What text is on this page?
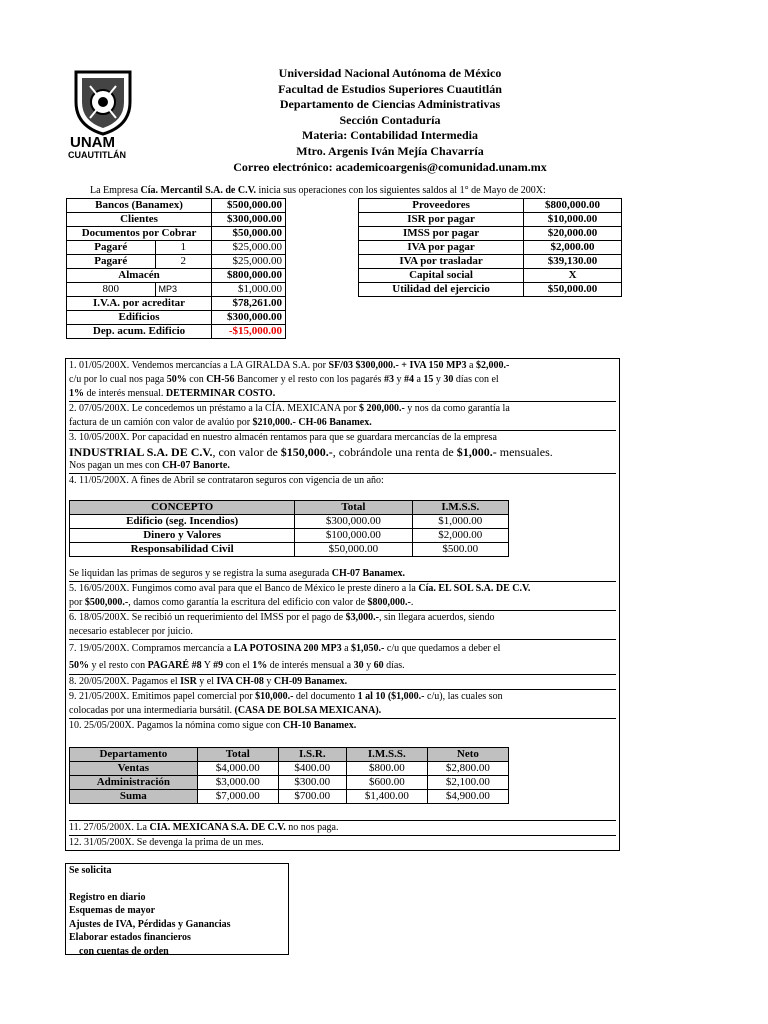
UNAM
CUAUTITLÁN
Universidad Nacional Autónoma de México
Facultad de Estudios Superiores Cuautitlán
Departamento de Ciencias Administrativas
Sección Contaduría
Materia: Contabilidad Intermedia
Mtro. Argenis Iván Mejía Chavarría
Correo electrónico: academicoargenis@comunidad.unam.mx
La Empresa Cía. Mercantil S.A. de C.V. inicia sus operaciones con los siguientes saldos al 1° de Mayo de 200X:
Bancos (Banamex)		$500,000.00
Clientes		$300,000.00
Documentos por Cobrar		$50,000.00
Pagaré	1	$25,000.00
Pagaré	2	$25,000.00
Almacén		$800,000.00
800	MP3	$1,000.00
I.V.A. por acreditar		$78,261.00
Edificios		$300,000.00
Dep. acum. Edificio		-$15,000.00
Proveedores	$800,000.00
ISR por pagar	$10,000.00
IMSS por pagar	$20,000.00
IVA por pagar	$2,000.00
IVA por trasladar	$39,130.00
Capital social	X
Utilidad del ejercicio	$50,000.00
1. 01/05/200X. Vendemos mercancías a LA GIRALDA S.A. por SF/03 $300,000.- + IVA 150 MP3 a $2,000.-
c/u por lo cual nos paga 50% con CH-56 Bancomer y el resto con los pagarés #3 y #4 a 15 y 30 días con el
1% de interés mensual. DETERMINAR COSTO.
2. 07/05/200X. Le concedemos un préstamo a la CÍA. MEXICANA por $ 200,000.- y nos da como garantía la
factura de un camión con valor de avalúo por $210,000.- CH-06 Banamex.
3. 10/05/200X. Por capacidad en nuestro almacén rentamos para que se guardara mercancías de la empresa
INDUSTRIAL S.A. DE C.V., con valor de $150,000.-, cobrándole una renta de $1,000.- mensuales.
Nos pagan un mes con CH-07 Banorte.
4. 11/05/200X. A fines de Abril se contrataron seguros con vigencia de un año:
CONCEPTO	Total	I.M.S.S.
Edificio (seg. Incendios)	$300,000.00	$1,000.00
Dinero y Valores	$100,000.00	$2,000.00
Responsabilidad Civil	$50,000.00	$500.00
Se liquidan las primas de seguros y se registra la suma asegurada CH-07 Banamex.
5. 16/05/200X. Fungimos como aval para que el Banco de México le preste dinero a la Cía. EL SOL S.A. DE C.V.
por $500,000.-, damos como garantía la escritura del edificio con valor de $800,000.-.
6. 18/05/200X. Se recibió un requerimiento del IMSS por el pago de $3,000.-, sin llegara acuerdos, siendo
necesario establecer por juicio.
7. 19/05/200X. Compramos mercancía a LA POTOSINA 200 MP3 a $1,050.- c/u que quedamos a deber el
50% y el resto con PAGARÉ #8 Y #9 con el 1% de interés mensual a 30 y 60 días.
8. 20/05/200X. Pagamos el ISR y el IVA CH-08 y CH-09 Banamex.
9. 21/05/200X. Emitimos papel comercial por $10,000.- del documento 1 al 10 ($1,000.- c/u), las cuales son
colocadas por una intermediaria bursátil. (CASA DE BOLSA MEXICANA).
10. 25/05/200X. Pagamos la nómina como sigue con CH-10 Banamex.
Departamento	Total	I.S.R.	I.M.S.S.	Neto
Ventas	$4,000.00	$400.00	$800.00	$2,800.00
Administración	$3,000.00	$300.00	$600.00	$2,100.00
Suma	$7,000.00	$700.00	$1,400.00	$4,900.00
11. 27/05/200X. La CIA. MEXICANA S.A. DE C.V. no nos paga.
12. 31/05/200X. Se devenga la prima de un mes.
Se solicita
Registro en diario
Esquemas de mayor
Ajustes de IVA, Pérdidas y Ganancias
Elaborar estados financieros
con cuentas de orden
